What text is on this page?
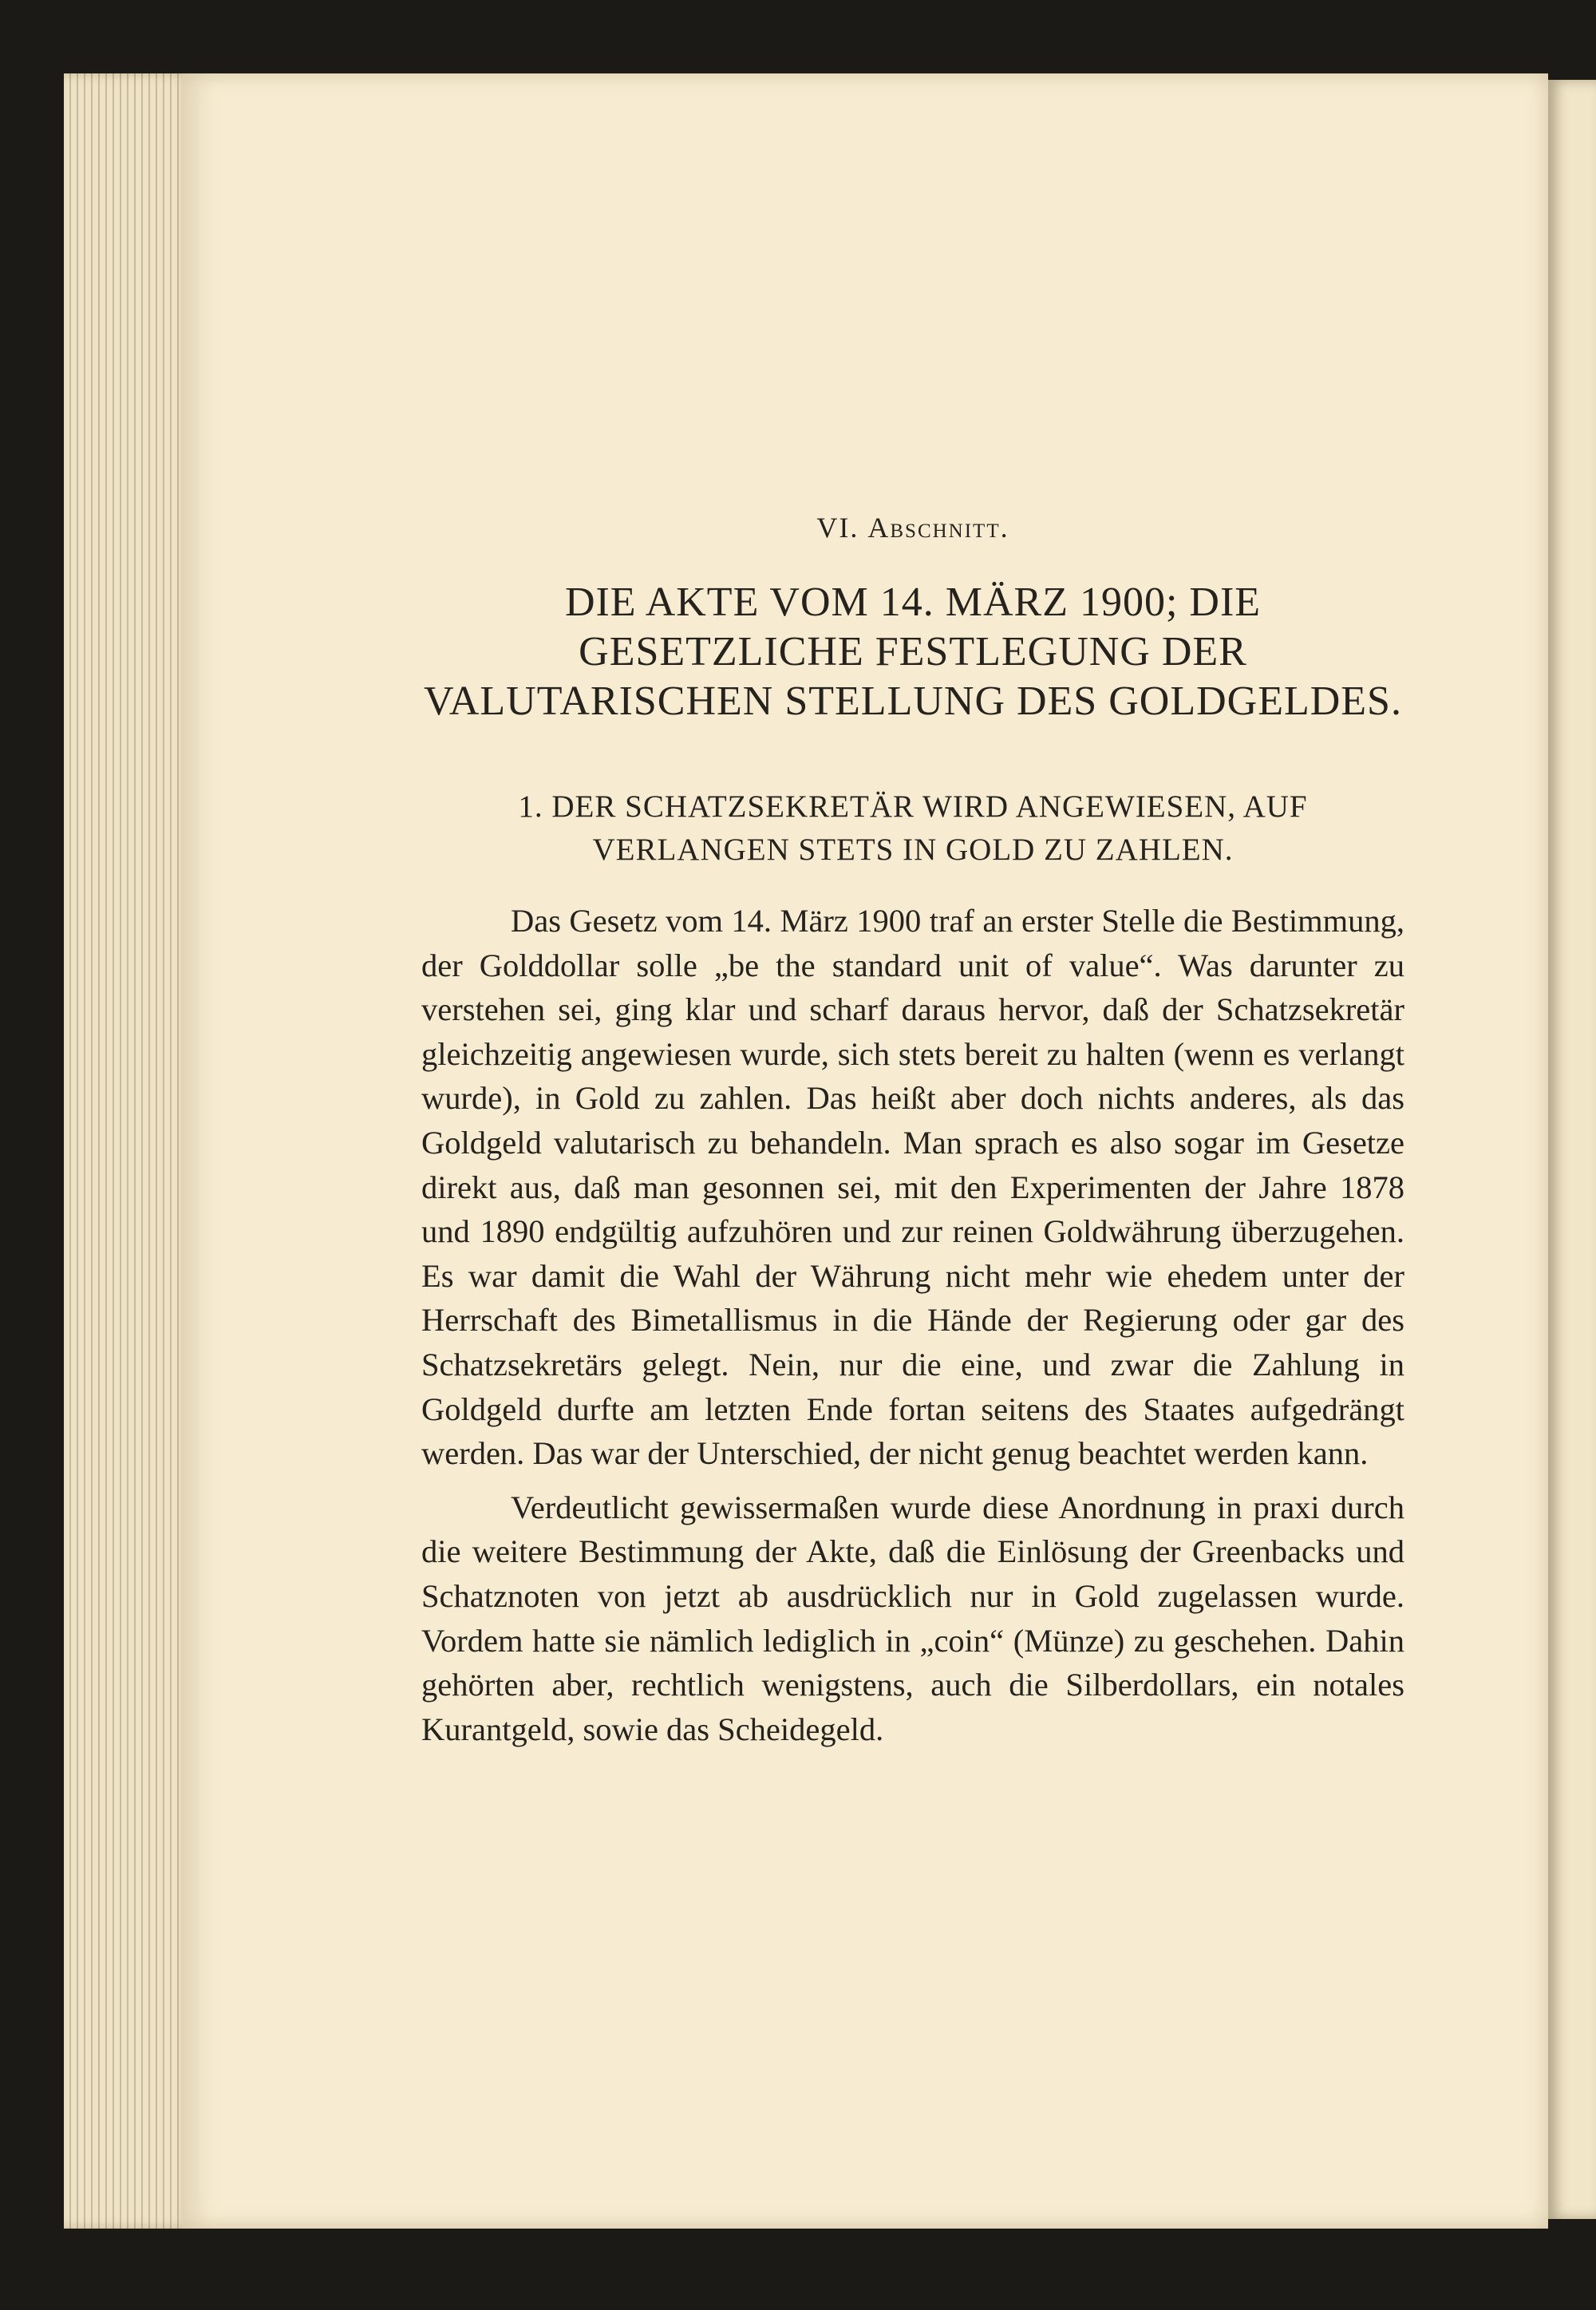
VI. Abschnitt.
DIE AKTE VOM 14. MÄRZ 1900; DIE GESETZLICHE FESTLEGUNG DER VALUTARISCHEN STELLUNG DES GOLDGELDES.
1. DER SCHATZSEKRETÄR WIRD ANGEWIESEN, AUF VERLANGEN STETS IN GOLD ZU ZAHLEN.

Das Gesetz vom 14. März 1900 traf an erster Stelle die Bestimmung, der Golddollar solle „be the standard unit of value“. Was darunter zu verstehen sei, ging klar und scharf daraus hervor, daß der Schatzsekretär gleichzeitig angewiesen wurde, sich stets bereit zu halten (wenn es verlangt wurde), in Gold zu zahlen. Das heißt aber doch nichts anderes, als das Goldgeld valutarisch zu behandeln. Man sprach es also sogar im Gesetze direkt aus, daß man gesonnen sei, mit den Experimenten der Jahre 1878 und 1890 endgültig aufzuhören und zur reinen Goldwährung überzugehen. Es war damit die Wahl der Währung nicht mehr wie ehedem unter der Herrschaft des Bimetallismus in die Hände der Regierung oder gar des Schatzsekretärs gelegt. Nein, nur die eine, und zwar die Zahlung in Goldgeld durfte am letzten Ende fortan seitens des Staates aufgedrängt werden. Das war der Unterschied, der nicht genug beachtet werden kann.

Verdeutlicht gewissermaßen wurde diese Anordnung in praxi durch die weitere Bestimmung der Akte, daß die Einlösung der Greenbacks und Schatznoten von jetzt ab ausdrücklich nur in Gold zugelassen wurde. Vordem hatte sie nämlich lediglich in „coin“ (Münze) zu geschehen. Dahin gehörten aber, rechtlich wenigstens, auch die Silberdollars, ein notales Kurantgeld, sowie das Scheidegeld.
